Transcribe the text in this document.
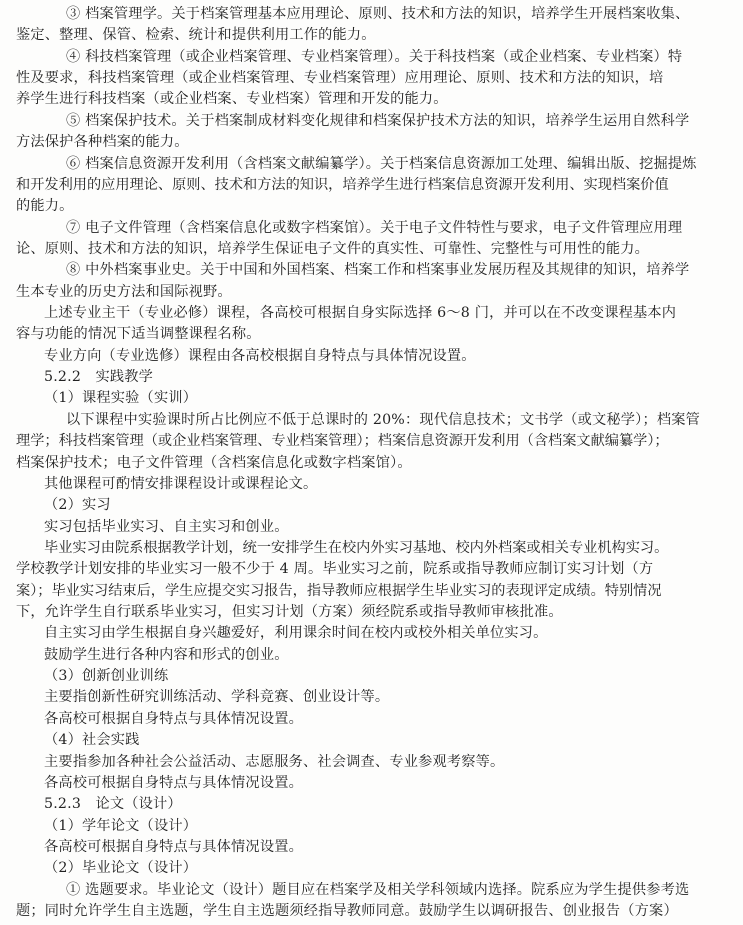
③ 档案管理学。关于档案管理基本应用理论、原则、技术和方法的知识，培养学生开展档案收集、
鉴定、整理、保管、检索、统计和提供利用工作的能力。
④ 科技档案管理（或企业档案管理、专业档案管理）。关于科技档案（或企业档案、专业档案）特
性及要求，科技档案管理（或企业档案管理、专业档案管理）应用理论、原则、技术和方法的知识，培
养学生进行科技档案（或企业档案、专业档案）管理和开发的能力。
⑤ 档案保护技术。关于档案制成材料变化规律和档案保护技术方法的知识，培养学生运用自然科学
方法保护各种档案的能力。
⑥ 档案信息资源开发利用（含档案文献编纂学）。关于档案信息资源加工处理、编辑出版、挖掘提炼
和开发利用的应用理论、原则、技术和方法的知识，培养学生进行档案信息资源开发利用、实现档案价值
的能力。
⑦ 电子文件管理（含档案信息化或数字档案馆）。关于电子文件特性与要求，电子文件管理应用理
论、原则、技术和方法的知识，培养学生保证电子文件的真实性、可靠性、完整性与可用性的能力。
⑧ 中外档案事业史。关于中国和外国档案、档案工作和档案事业发展历程及其规律的知识，培养学
生本专业的历史方法和国际视野。
上述专业主干（专业必修）课程，各高校可根据自身实际选择 6～8 门，并可以在不改变课程基本内
容与功能的情况下适当调整课程名称。
专业方向（专业选修）课程由各高校根据自身特点与具体情况设置。
5.2.2　实践教学
（1）课程实验（实训）
以下课程中实验课时所占比例应不低于总课时的 20%：现代信息技术；文书学（或文秘学）；档案管
理学；科技档案管理（或企业档案管理、专业档案管理）；档案信息资源开发利用（含档案文献编纂学）；
档案保护技术；电子文件管理（含档案信息化或数字档案馆）。
其他课程可酌情安排课程设计或课程论文。
（2）实习
实习包括毕业实习、自主实习和创业。
毕业实习由院系根据教学计划，统一安排学生在校内外实习基地、校内外档案或相关专业机构实习。
学校教学计划安排的毕业实习一般不少于 4 周。毕业实习之前，院系或指导教师应制订实习计划（方
案）；毕业实习结束后，学生应提交实习报告，指导教师应根据学生毕业实习的表现评定成绩。特别情况
下，允许学生自行联系毕业实习，但实习计划（方案）须经院系或指导教师审核批准。
自主实习由学生根据自身兴趣爱好，利用课余时间在校内或校外相关单位实习。
鼓励学生进行各种内容和形式的创业。
（3）创新创业训练
主要指创新性研究训练活动、学科竞赛、创业设计等。
各高校可根据自身特点与具体情况设置。
（4）社会实践
主要指参加各种社会公益活动、志愿服务、社会调查、专业参观考察等。
各高校可根据自身特点与具体情况设置。
5.2.3　论文（设计）
（1）学年论文（设计）
各高校可根据自身特点与具体情况设置。
（2）毕业论文（设计）
① 选题要求。毕业论文（设计）题目应在档案学及相关学科领域内选择。院系应为学生提供参考选
题；同时允许学生自主选题，学生自主选题须经指导教师同意。鼓励学生以调研报告、创业报告（方案）
